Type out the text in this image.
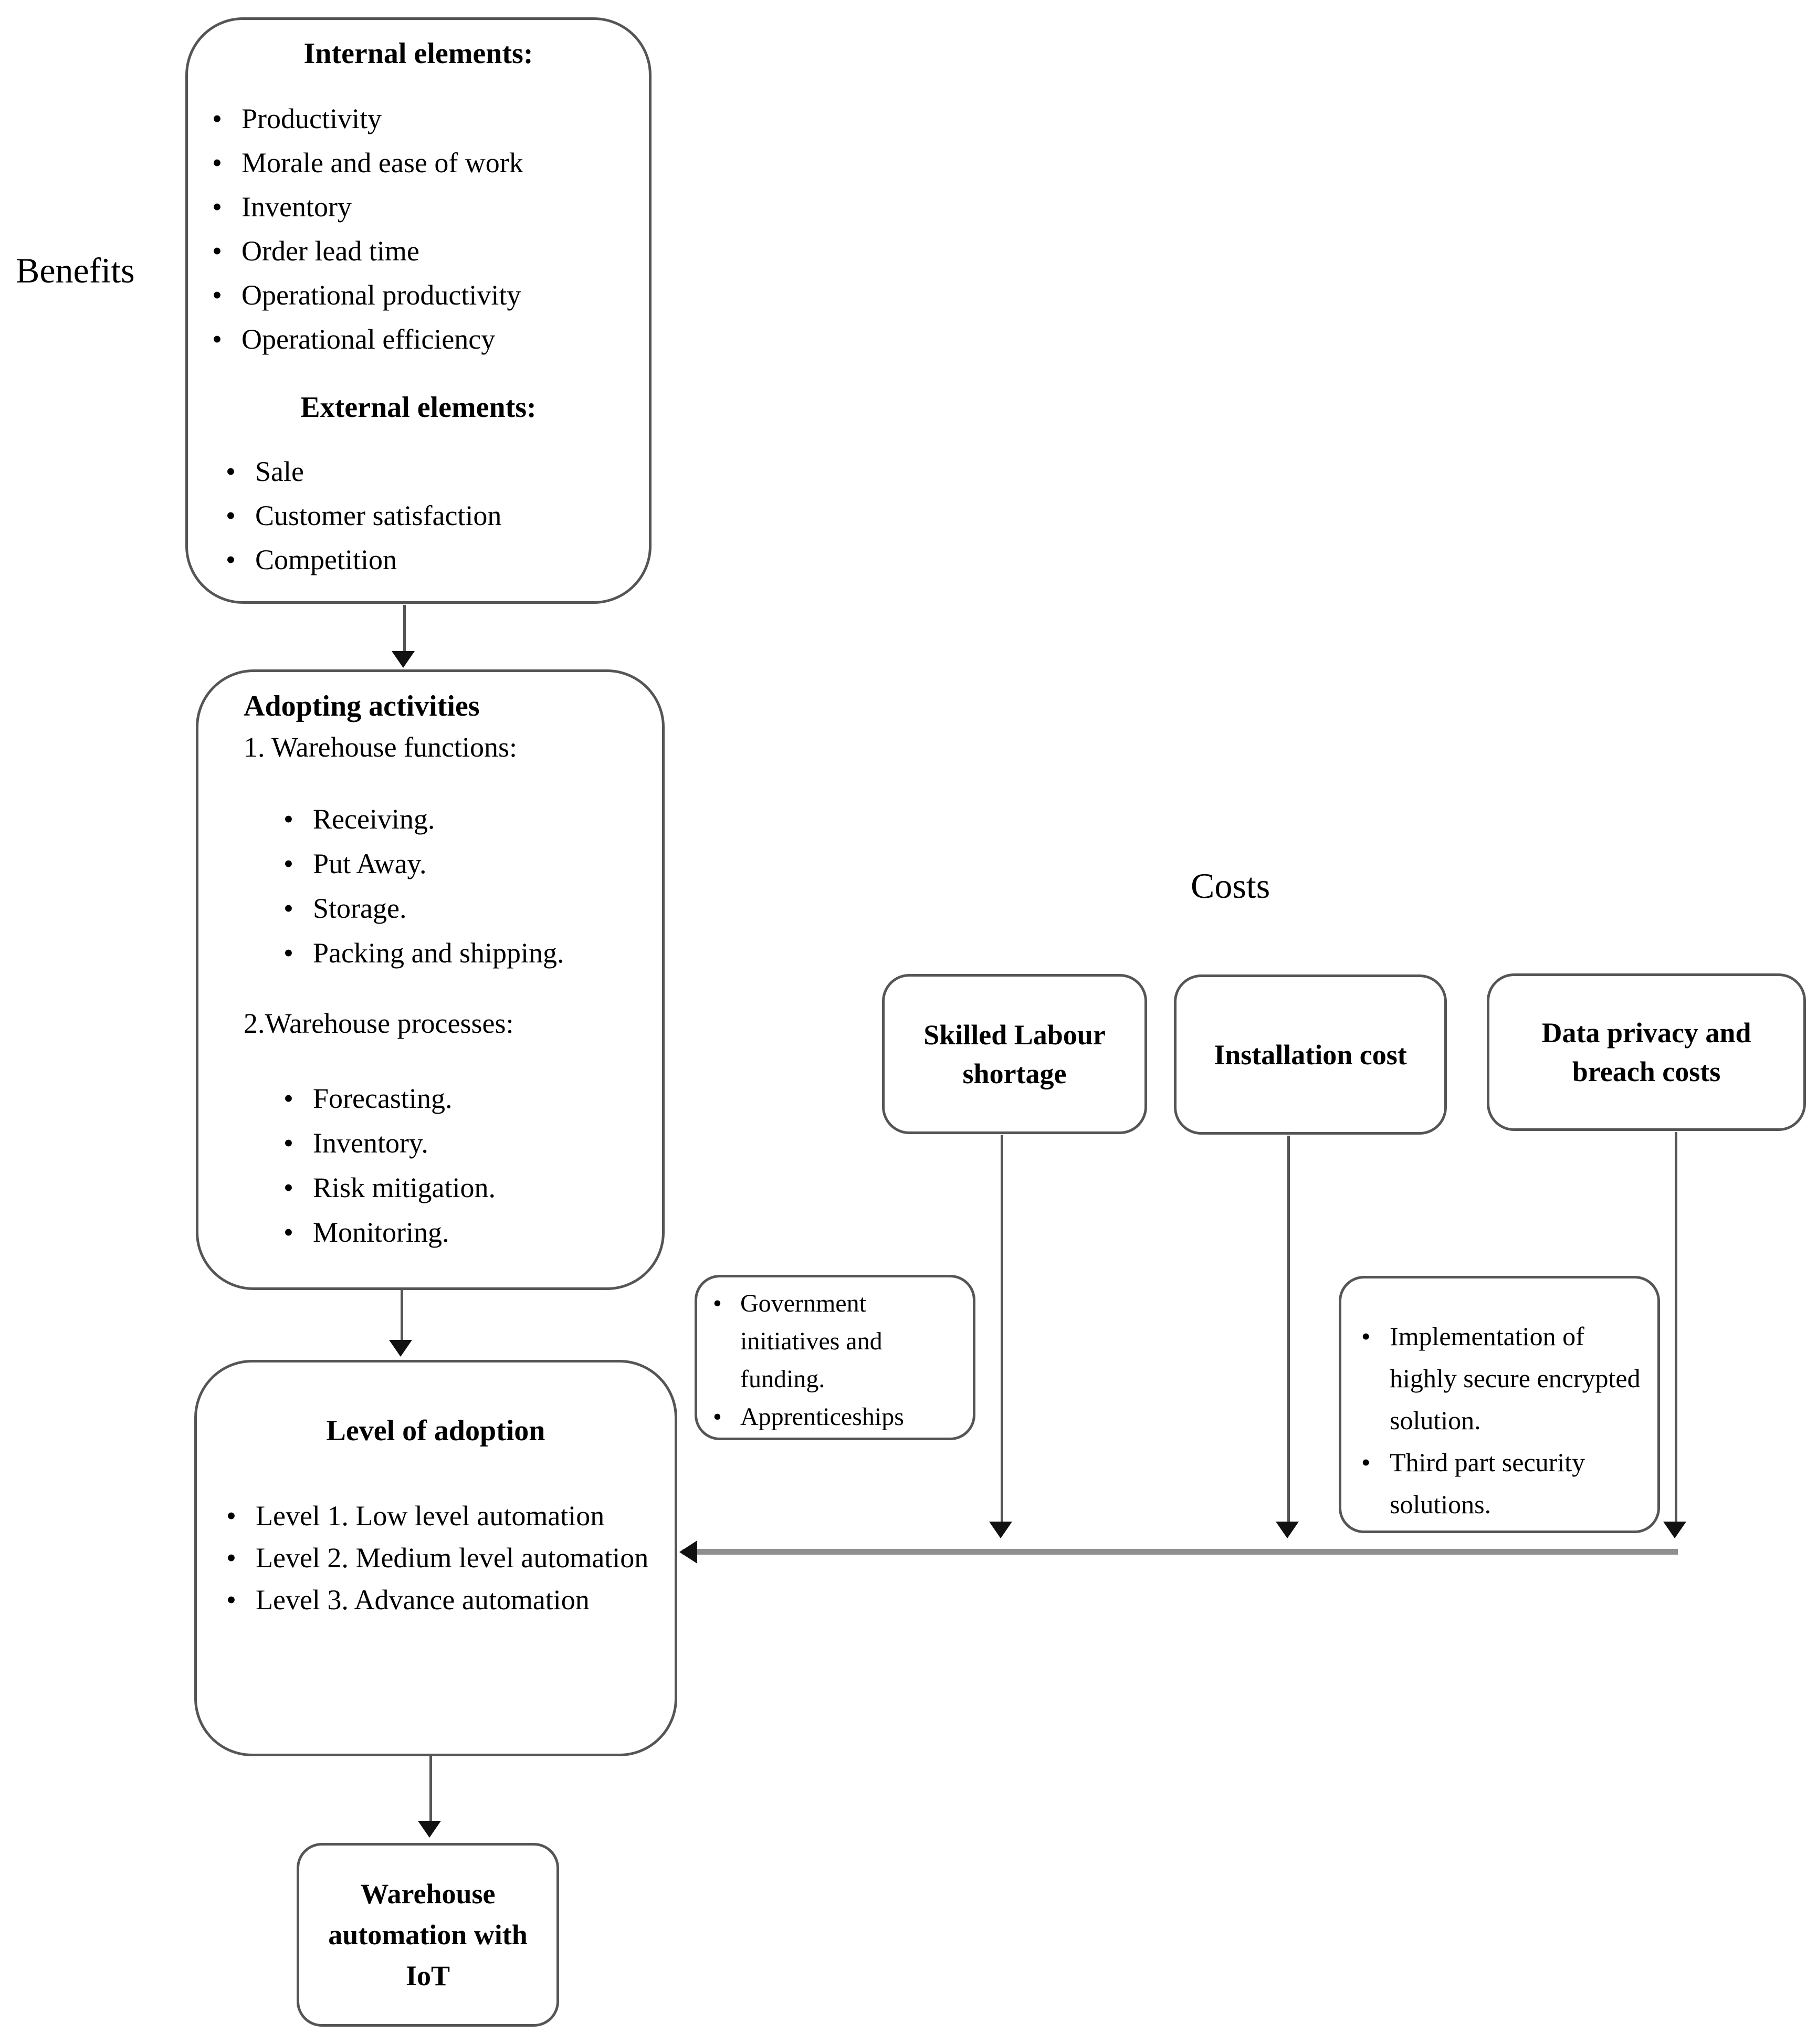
Benefits
Costs
Internal elements:
•
Productivity
•
Morale and ease of work
•
Inventory
•
Order lead time
•
Operational productivity
•
Operational efficiency
External elements:
•
Sale
•
Customer satisfaction
•
Competition
Adopting activities
1. Warehouse functions:
•
Receiving.
•
Put Away.
•
Storage.
•
Packing and shipping.
2.Warehouse processes:
•
Forecasting.
•
Inventory.
•
Risk mitigation.
•
Monitoring.
Level of adoption
•
Level 1. Low level automation
•
Level 2. Medium level automation
•
Level 3. Advance automation
Warehouse automation with IoT
Skilled Labour shortage
Installation cost
Data privacy and breach costs
•
Government initiatives and funding.
•
Apprenticeships
•
Implementation of highly secure encrypted solution.
•
Third part security solutions.
